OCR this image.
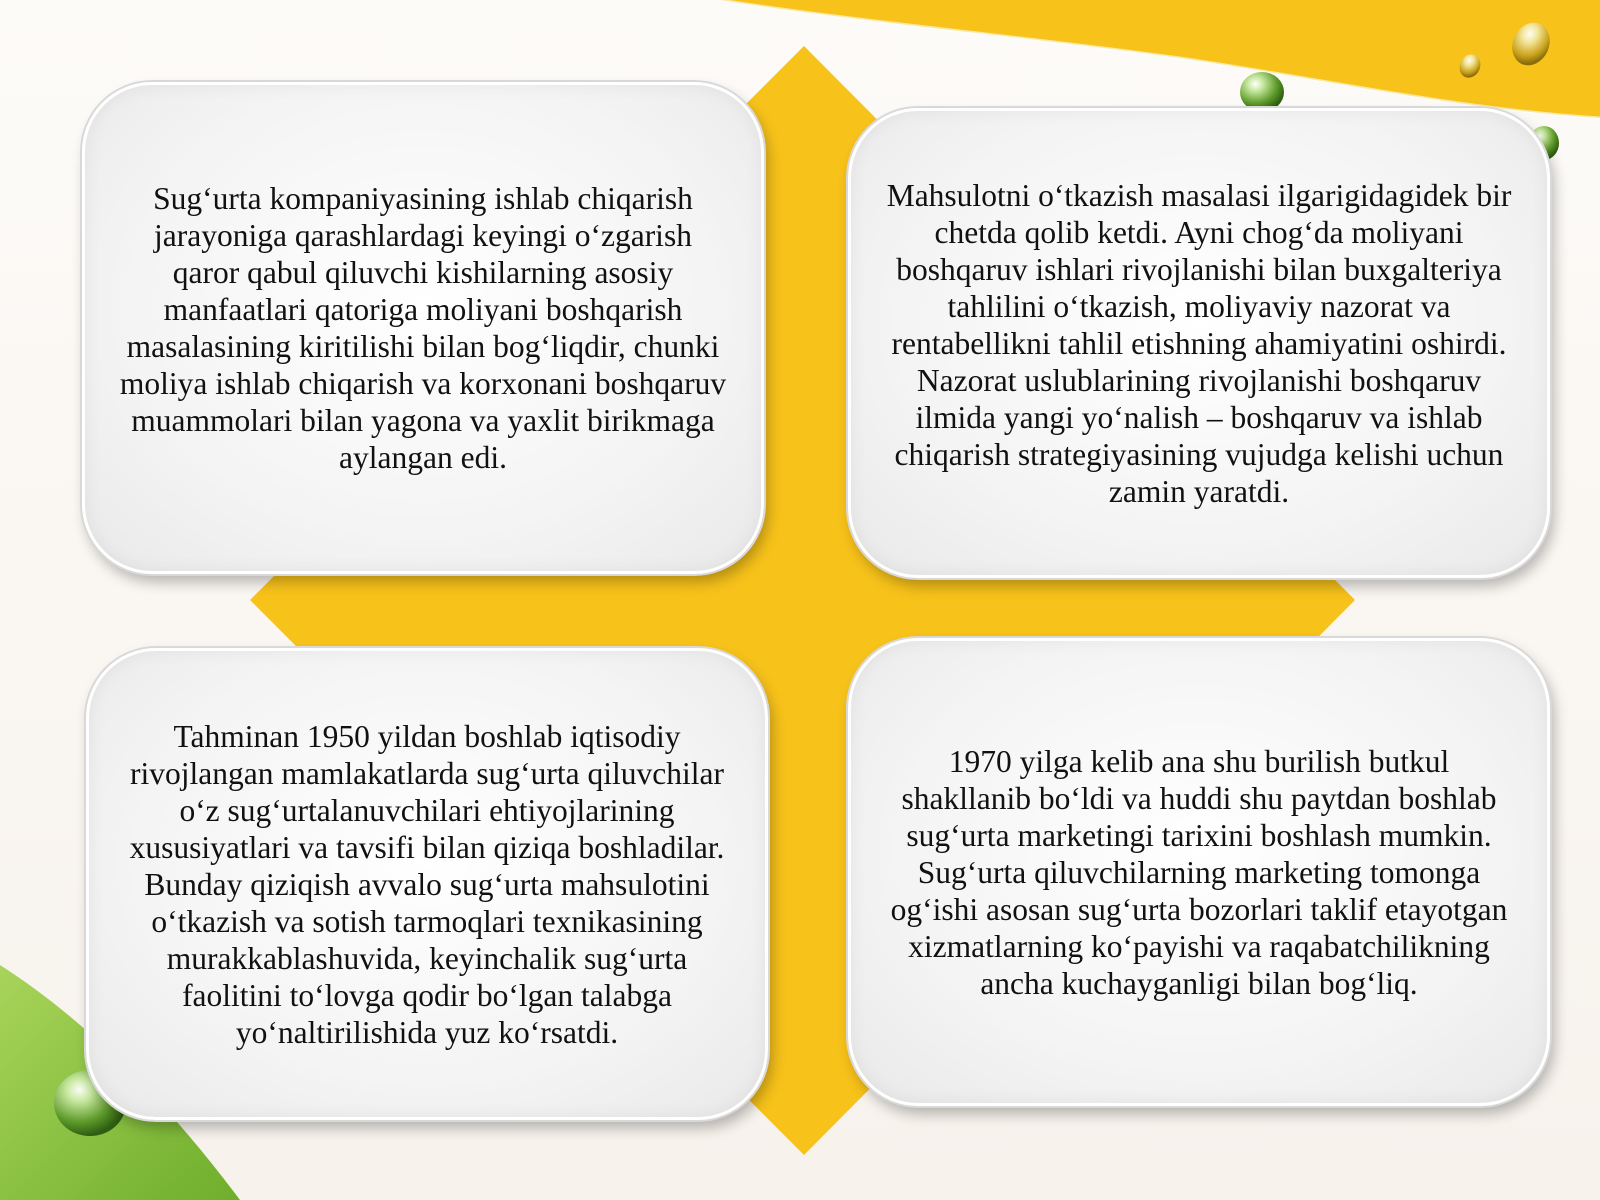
Sug‘urta kompaniyasining ishlab chiqarish jarayoniga qarashlardagi keyingi o‘zgarish qaror qabul qiluvchi kishilarning asosiy manfaatlari qatoriga moliyani boshqarish masalasining kiritilishi bilan bog‘liqdir, chunki moliya ishlab chiqarish va korxonani boshqaruv muammolari bilan yagona va yaxlit birikmaga aylangan edi.

Mahsulotni o‘tkazish masalasi ilgarigidagidek bir chetda qolib ketdi. Ayni chog‘da moliyani boshqaruv ishlari rivojlanishi bilan buxgalteriya tahlilini o‘tkazish, moliyaviy nazorat va rentabellikni tahlil etishning ahamiyatini oshirdi. Nazorat uslublarining rivojlanishi boshqaruv ilmida yangi yo‘nalish – boshqaruv va ishlab chiqarish strategiyasining vujudga kelishi uchun zamin yaratdi.

Tahminan 1950 yildan boshlab iqtisodiy rivojlangan mamlakatlarda sug‘urta qiluvchilar o‘z sug‘urtalanuvchilari ehtiyojlarining xususiyatlari va tavsifi bilan qiziqa boshladilar. Bunday qiziqish avvalo sug‘urta mahsulotini o‘tkazish va sotish tarmoqlari texnikasining murakkablashuvida, keyinchalik sug‘urta faolitini to‘lovga qodir bo‘lgan talabga yo‘naltirilishida yuz ko‘rsatdi.

1970 yilga kelib ana shu burilish butkul shakllanib bo‘ldi va huddi shu paytdan boshlab sug‘urta marketingi tarixini boshlash mumkin. Sug‘urta qiluvchilarning marketing tomonga og‘ishi asosan sug‘urta bozorlari taklif etayotgan xizmatlarning ko‘payishi va raqabatchilikning ancha kuchayganligi bilan bog‘liq.
